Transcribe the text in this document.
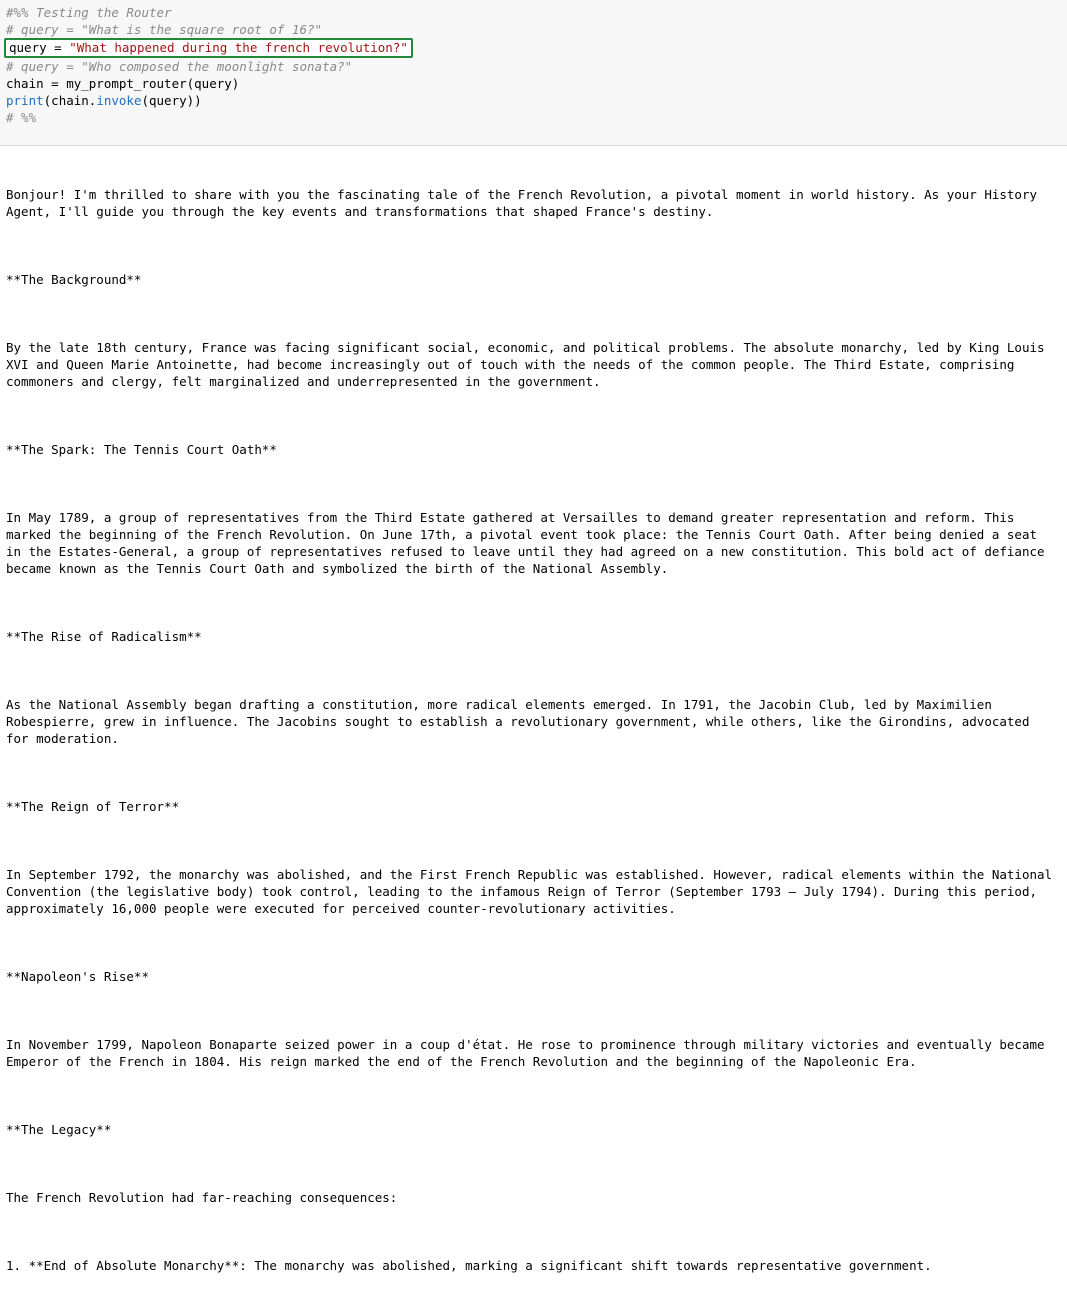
#%% Testing the Router
# query = "What is the square root of 16?"
query = "What happened during the french revolution?"
# query = "Who composed the moonlight sonata?"
chain = my_prompt_router(query)
print(chain.invoke(query))
# %%

Bonjour! I'm thrilled to share with you the fascinating tale of the French Revolution, a pivotal moment in world history. As your History Agent, I'll guide you through the key events and transformations that shaped France's destiny.

**The Background**

By the late 18th century, France was facing significant social, economic, and political problems. The absolute monarchy, led by King Louis XVI and Queen Marie Antoinette, had become increasingly out of touch with the needs of the common people. The Third Estate, comprising commoners and clergy, felt marginalized and underrepresented in the government.

**The Spark: The Tennis Court Oath**

In May 1789, a group of representatives from the Third Estate gathered at Versailles to demand greater representation and reform. This marked the beginning of the French Revolution. On June 17th, a pivotal event took place: the Tennis Court Oath. After being denied a seat in the Estates-General, a group of representatives refused to leave until they had agreed on a new constitution. This bold act of defiance became known as the Tennis Court Oath and symbolized the birth of the National Assembly.

**The Rise of Radicalism**

As the National Assembly began drafting a constitution, more radical elements emerged. In 1791, the Jacobin Club, led by Maximilien Robespierre, grew in influence. The Jacobins sought to establish a revolutionary government, while others, like the Girondins, advocated for moderation.

**The Reign of Terror**

In September 1792, the monarchy was abolished, and the First French Republic was established. However, radical elements within the National Convention (the legislative body) took control, leading to the infamous Reign of Terror (September 1793 – July 1794). During this period, approximately 16,000 people were executed for perceived counter-revolutionary activities.

**Napoleon's Rise**

In November 1799, Napoleon Bonaparte seized power in a coup d'état. He rose to prominence through military victories and eventually became Emperor of the French in 1804. His reign marked the end of the French Revolution and the beginning of the Napoleonic Era.

**The Legacy**

The French Revolution had far-reaching consequences:

1. **End of Absolute Monarchy**: The monarchy was abolished, marking a significant shift towards representative government.
